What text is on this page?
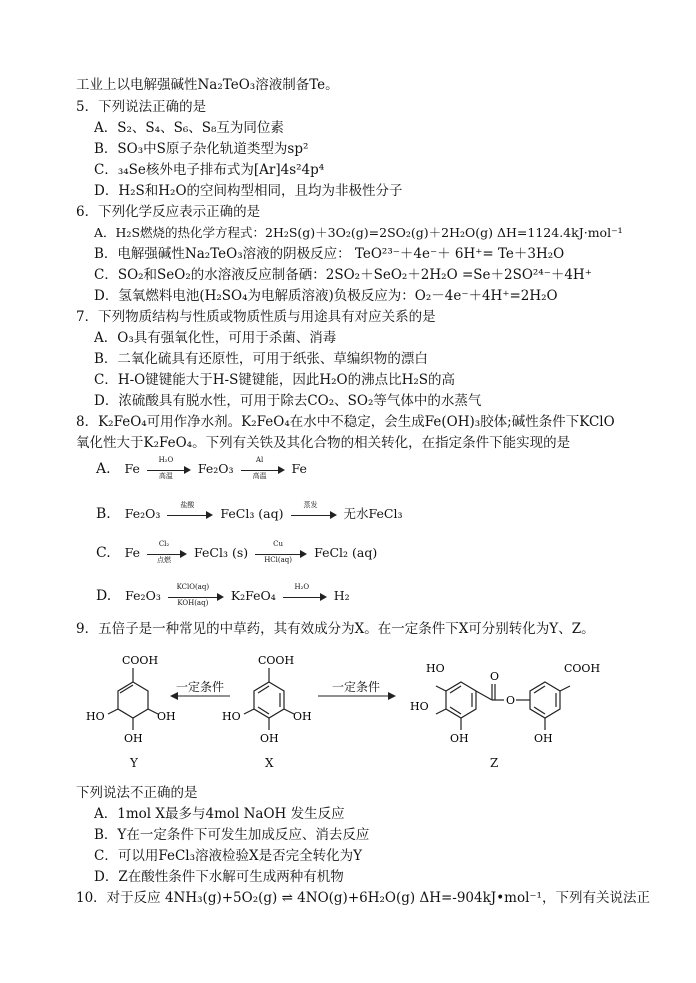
工业上以电解强碱性Na₂TeO₃溶液制备Te。
5．下列说法正确的是
A．S₂、S₄、S₆、S₈互为同位素
B．SO₃中S原子杂化轨道类型为sp²
C．₃₄Se核外电子排布式为[Ar]4s²4p⁴
D．H₂S和H₂O的空间构型相同，且均为非极性分子
6．下列化学反应表示正确的是
A．H₂S燃烧的热化学方程式：2H₂S(g)＋3O₂(g)=2SO₂(g)＋2H₂O(g) ΔH=1124.4kJ·mol⁻¹
B．电解强碱性Na₂TeO₃溶液的阴极反应： TeO²³⁻＋4e⁻＋ 6H⁺= Te＋3H₂O
C．SO₂和SeO₂的水溶液反应制备硒：2SO₂＋SeO₂＋2H₂O =Se＋2SO²⁴⁻＋4H⁺
D．氢氧燃料电池(H₂SO₄为电解质溶液)负极反应为：O₂－4e⁻＋4H⁺=2H₂O
7．下列物质结构与性质或物质性质与用途具有对应关系的是
A．O₃具有强氧化性，可用于杀菌、消毒
B．二氧化硫具有还原性，可用于纸张、草编织物的漂白
C．H-O键键能大于H-S键键能，因此H₂O的沸点比H₂S的高
D．浓硫酸具有脱水性，可用于除去CO₂、SO₂等气体中的水蒸气
8．K₂FeO₄可用作净水剂。K₂FeO₄在水中不稳定，会生成Fe(OH)₃胶体;碱性条件下KClO
氧化性大于K₂FeO₄。下列有关铁及其化合物的相关转化，在指定条件下能实现的是
A. Fe
H₂O
高温	Fe₂O₃
Al
高温	Fe
B. Fe₂O₃
盐酸
FeCl₃ (aq)
蒸发
无水FeCl₃
C. Fe
Cl₂
点燃	FeCl₃ (s)
Cu
HCl(aq)	FeCl₂ (aq)
D. Fe₂O₃
KClO(aq)
KOH(aq)	K₂FeO₄
H₂O
H₂
9．五倍子是一种常见的中草药，其有效成分为X。在一定条件下X可分别转化为Y、Z。
COOH
OH
OH
HO
一定条件
COOH
OH
OH
HO
一定条件
HO
HO
OH
O
O
COOH
OH
Y	X	Z
下列说法不正确的是
A．1mol X最多与4mol NaOH 发生反应
B．Y在一定条件下可发生加成反应、消去反应
C．可以用FeCl₃溶液检验X是否完全转化为Y
D．Z在酸性条件下水解可生成两种有机物
10．对于反应 4NH₃(g)+5O₂(g) ⇌ 4NO(g)+6H₂O(g) ΔH=-904kJ•mol⁻¹，下列有关说法正
